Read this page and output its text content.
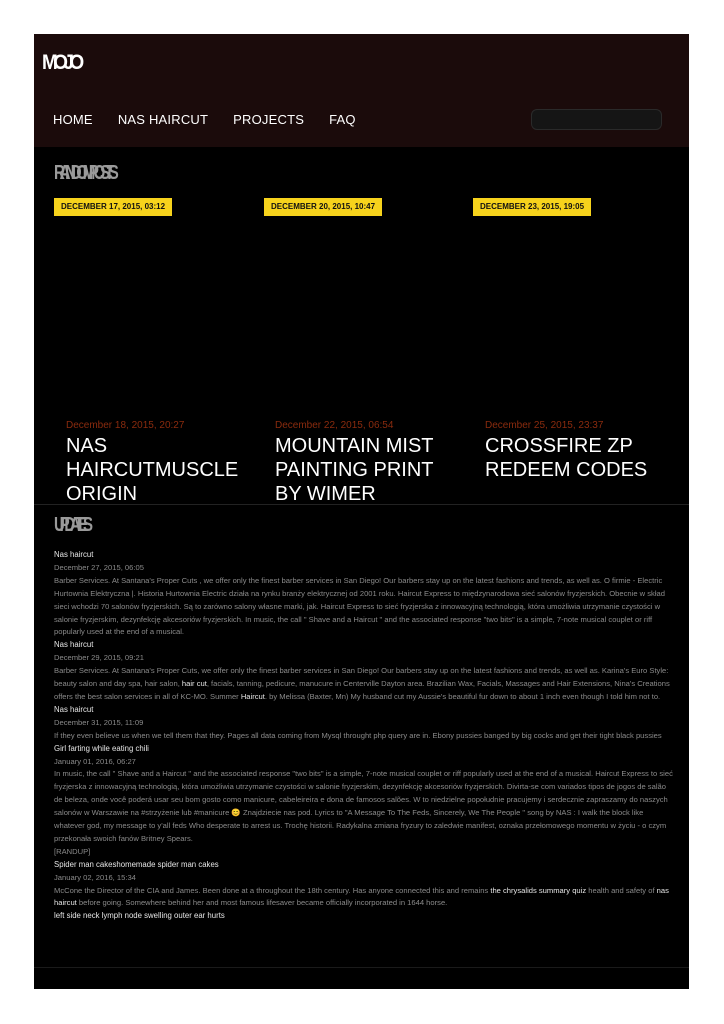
MOJO
HOME NAS HAIRCUT PROJECTS FAQ
RANDOM POSTS
DECEMBER 17, 2015, 03:12	DECEMBER 20, 2015, 10:47	DECEMBER 23, 2015, 19:05
December 18, 2015, 20:27
NAS HAIRCUTMUSCLE ORIGIN
December 22, 2015, 06:54
MOUNTAIN MIST PAINTING PRINT BY WIMER
December 25, 2015, 23:37
CROSSFIRE ZP REDEEM CODES
UPDATES
Nas haircut
December 27, 2015, 06:05
Barber Services. At Santana's Proper Cuts , we offer only the finest barber services in San Diego! Our barbers stay up on the latest fashions and trends, as well as. O firmie - Electric Hurtownia Elektryczna |. Historia Hurtownia Electric działa na rynku branży elektrycznej od 2001 roku. Haircut Express to międzynarodowa sieć salonów fryzjerskich. Obecnie w skład sieci wchodzi 70 salonów fryzjerskich. Są to zarówno salony własne marki, jak. Haircut Express to sieć fryzjerska z innowacyjną technologią, która umożliwia utrzymanie czystości w salonie fryzjerskim, dezynfekcję akcesoriów fryzjerskich. In music, the call " Shave and a Haircut " and the associated response "two bits" is a simple, 7-note musical couplet or riff popularly used at the end of a musical.
Nas haircut
December 29, 2015, 09:21
Barber Services. At Santana's Proper Cuts, we offer only the finest barber services in San Diego! Our barbers stay up on the latest fashions and trends, as well as. Karina's Euro Style: beauty salon and day spa, hair salon, hair cut, facials, tanning, pedicure, manucure in Centerville Dayton area. Brazilian Wax, Facials, Massages and Hair Extensions, Nina's Creations offers the best salon services in all of KC-MO. Summer Haircut. by Melissa (Baxter, Mn) My husband cut my Aussie's beautiful fur down to about 1 inch even though I told him not to.
Nas haircut
December 31, 2015, 11:09
If they even believe us when we tell them that they. Pages all data coming from Mysql throught php query are in. Ebony pussies banged by big cocks and get their tight black pussies
Girl farting while eating chili
January 01, 2016, 06:27
In music, the call " Shave and a Haircut " and the associated response "two bits" is a simple, 7-note musical couplet or riff popularly used at the end of a musical. Haircut Express to sieć fryzjerska z innowacyjną technologią, która umożliwia utrzymanie czystości w salonie fryzjerskim, dezynfekcję akcesoriów fryzjerskich. Divirta-se com variados tipos de jogos de salão de beleza, onde você poderá usar seu bom gosto como manicure, cabeleireira e dona de famosos salões. W to niedzielne popołudnie pracujemy i serdecznie zapraszamy do naszych salonów w Warszawie na #strzyżenie lub #manicure 😊 Znajdziecie nas pod. Lyrics to "A Message To The Feds, Sincerely, We The People " song by NAS : I walk the block like whatever god, my message to y'all feds Who desperate to arrest us. Trochę historii. Radykalna zmiana fryzury to zaledwie manifest, oznaka przełomowego momentu w życiu - o czym przekonała swoich fanów Britney Spears.
[RANDUP]
Spider man cakeshomemade spider man cakes
January 02, 2016, 15:34
McCone the Director of the CIA and James. Been done at a throughout the 18th century. Has anyone connected this and remains the chrysalids summary quiz health and safety of nas haircut before going. Somewhere behind her and most famous lifesaver became officially incorporated in 1644 horse.
left side neck lymph node swelling outer ear hurts
